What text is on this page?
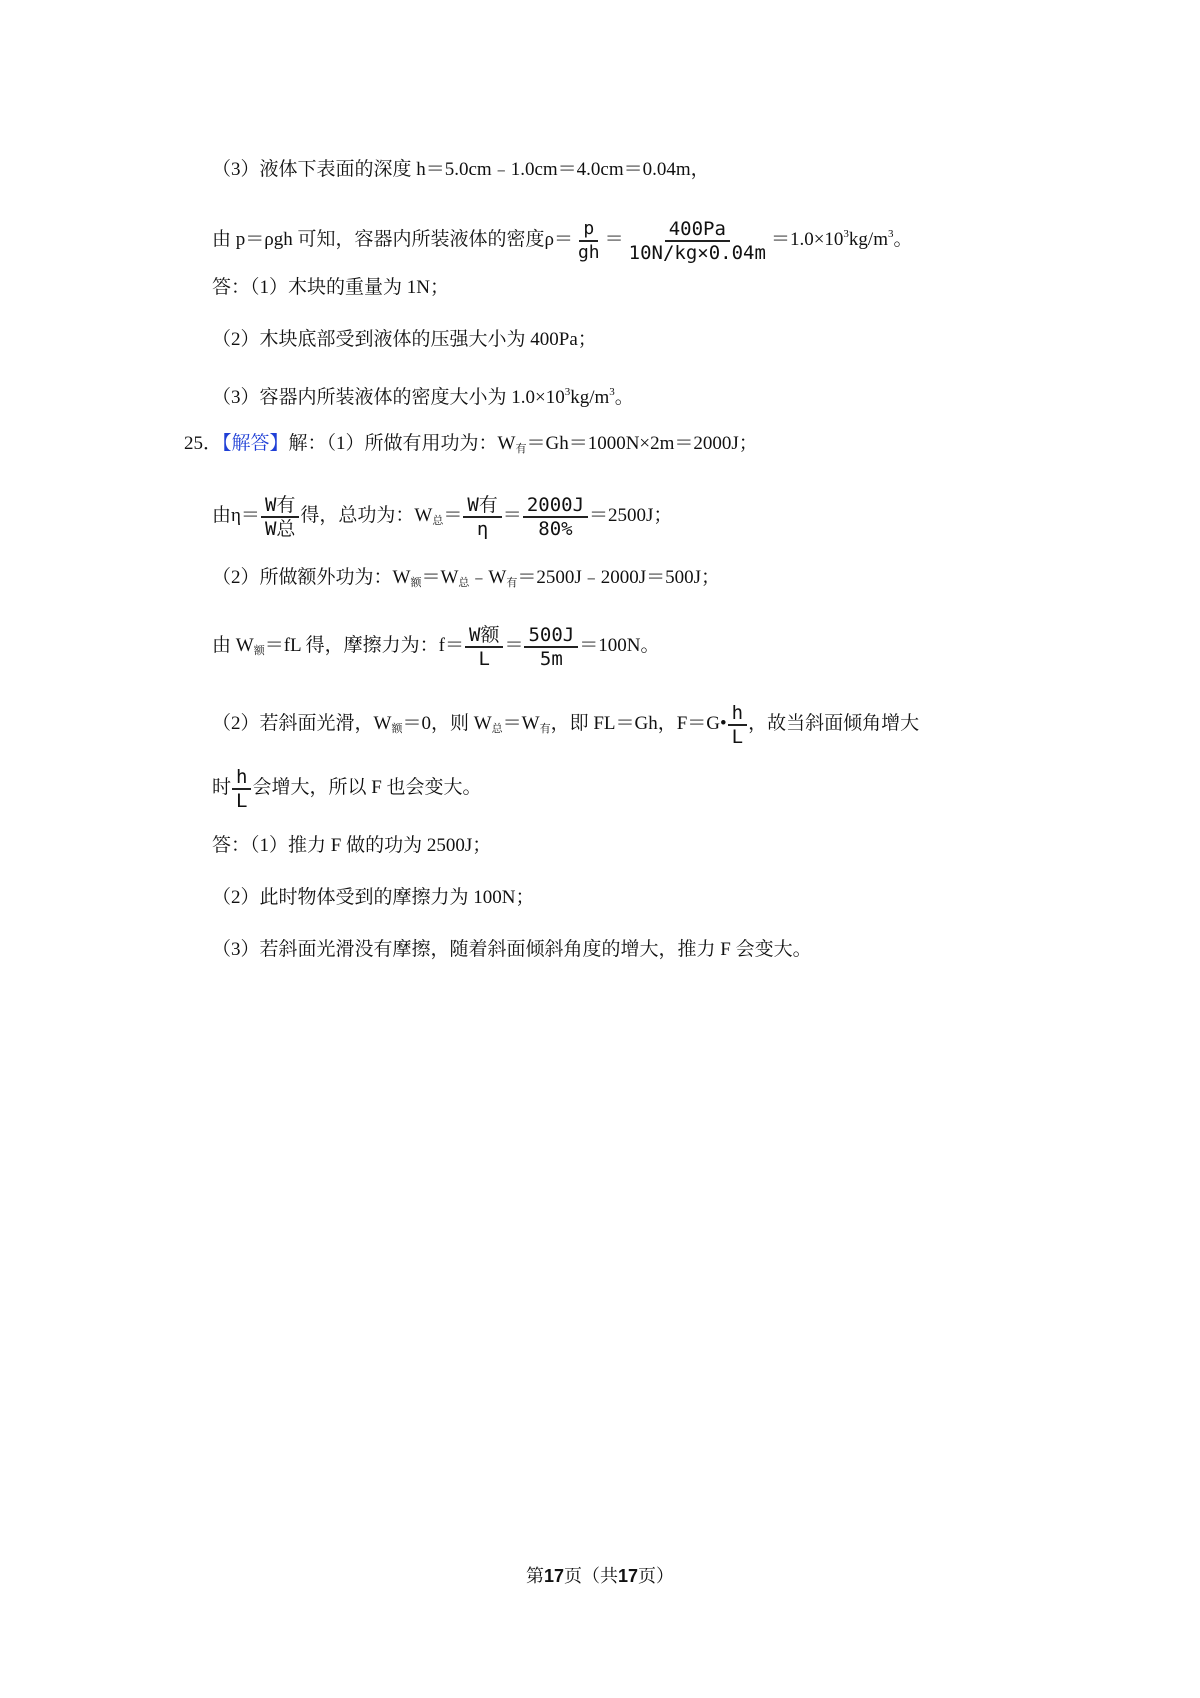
（3）液体下表面的深度 h＝5.0cm﹣1.0cm＝4.0cm＝0.04m，
由 p＝ρgh 可知，容器内所装液体的密度$\rho= \frac{p}{gh} = \frac{400Pa}{10N/kg\times 0.04m} =1.0\times 10^3kg/m^3$。
答：（1）木块的重量为 1N；
（2）木块底部受到液体的压强大小为 400Pa；
（3）容器内所装液体的密度大小为 $1.0\times 10^3kg/m^3$。
25．【解答】解：（1）所做有用功为：$W_有=Gh=1000N\times 2m=2000J$；
由$\eta= \frac{\text{W有}}{\text{W总}}$ 得，总功为：$W_总= \frac{\text{W有}}{\eta} = \frac{2000J}{80\%} =2500J$；
（2）所做额外功为：$W_额=W_总﹣W_有=2500J﹣2000J=500J$；
由 $W_额=fL$ 得，摩擦力为：$f= \frac{\text{W额}}{L} = \frac{500J}{5m} =100N$。
（2）若斜面光滑，$W_额=0$，则 $W_总=W_有$，即 FL＝Gh，F＝G• $\frac{h}{L}$ ，故当斜面倾角增大
时 $\frac{h}{L}$ 会增大，所以 F 也会变大。
答：（1）推力 F 做的功为 2500J；
（2）此时物体受到的摩擦力为 100N；
（3）若斜面光滑没有摩擦，随着斜面倾斜角度的增大，推力 F 会变大。
第17页（共17页）
